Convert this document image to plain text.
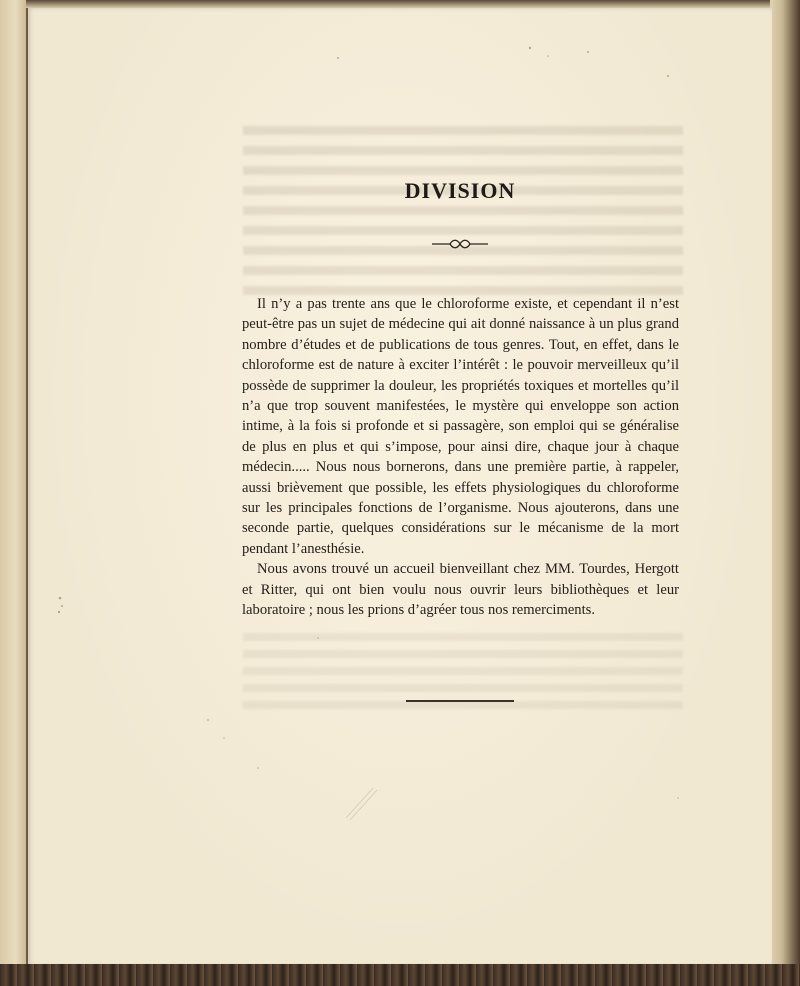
DIVISION

Il n’y a pas trente ans que le chloroforme existe, et cependant il n’est peut-être pas un sujet de médecine qui ait donné naissance à un plus grand nombre d’études et de publications de tous genres. Tout, en effet, dans le chloroforme est de nature à exciter l’intérêt : le pouvoir merveilleux qu’il possède de supprimer la douleur, les propriétés toxiques et mortelles qu’il n’a que trop souvent manifestées, le mystère qui enveloppe son action intime, à la fois si profonde et si passagère, son emploi qui se généralise de plus en plus et qui s’impose, pour ainsi dire, chaque jour à chaque médecin..... Nous nous bornerons, dans une première partie, à rappeler, aussi brièvement que possible, les effets physiologiques du chloroforme sur les principales fonctions de l’organisme. Nous ajouterons, dans une seconde partie, quelques considérations sur le mécanisme de la mort pendant l’anesthésie.

Nous avons trouvé un accueil bienveillant chez MM. Tourdes, Hergott et Ritter, qui ont bien voulu nous ouvrir leurs bibliothèques et leur laboratoire ; nous les prions d’agréer tous nos remerciments.
